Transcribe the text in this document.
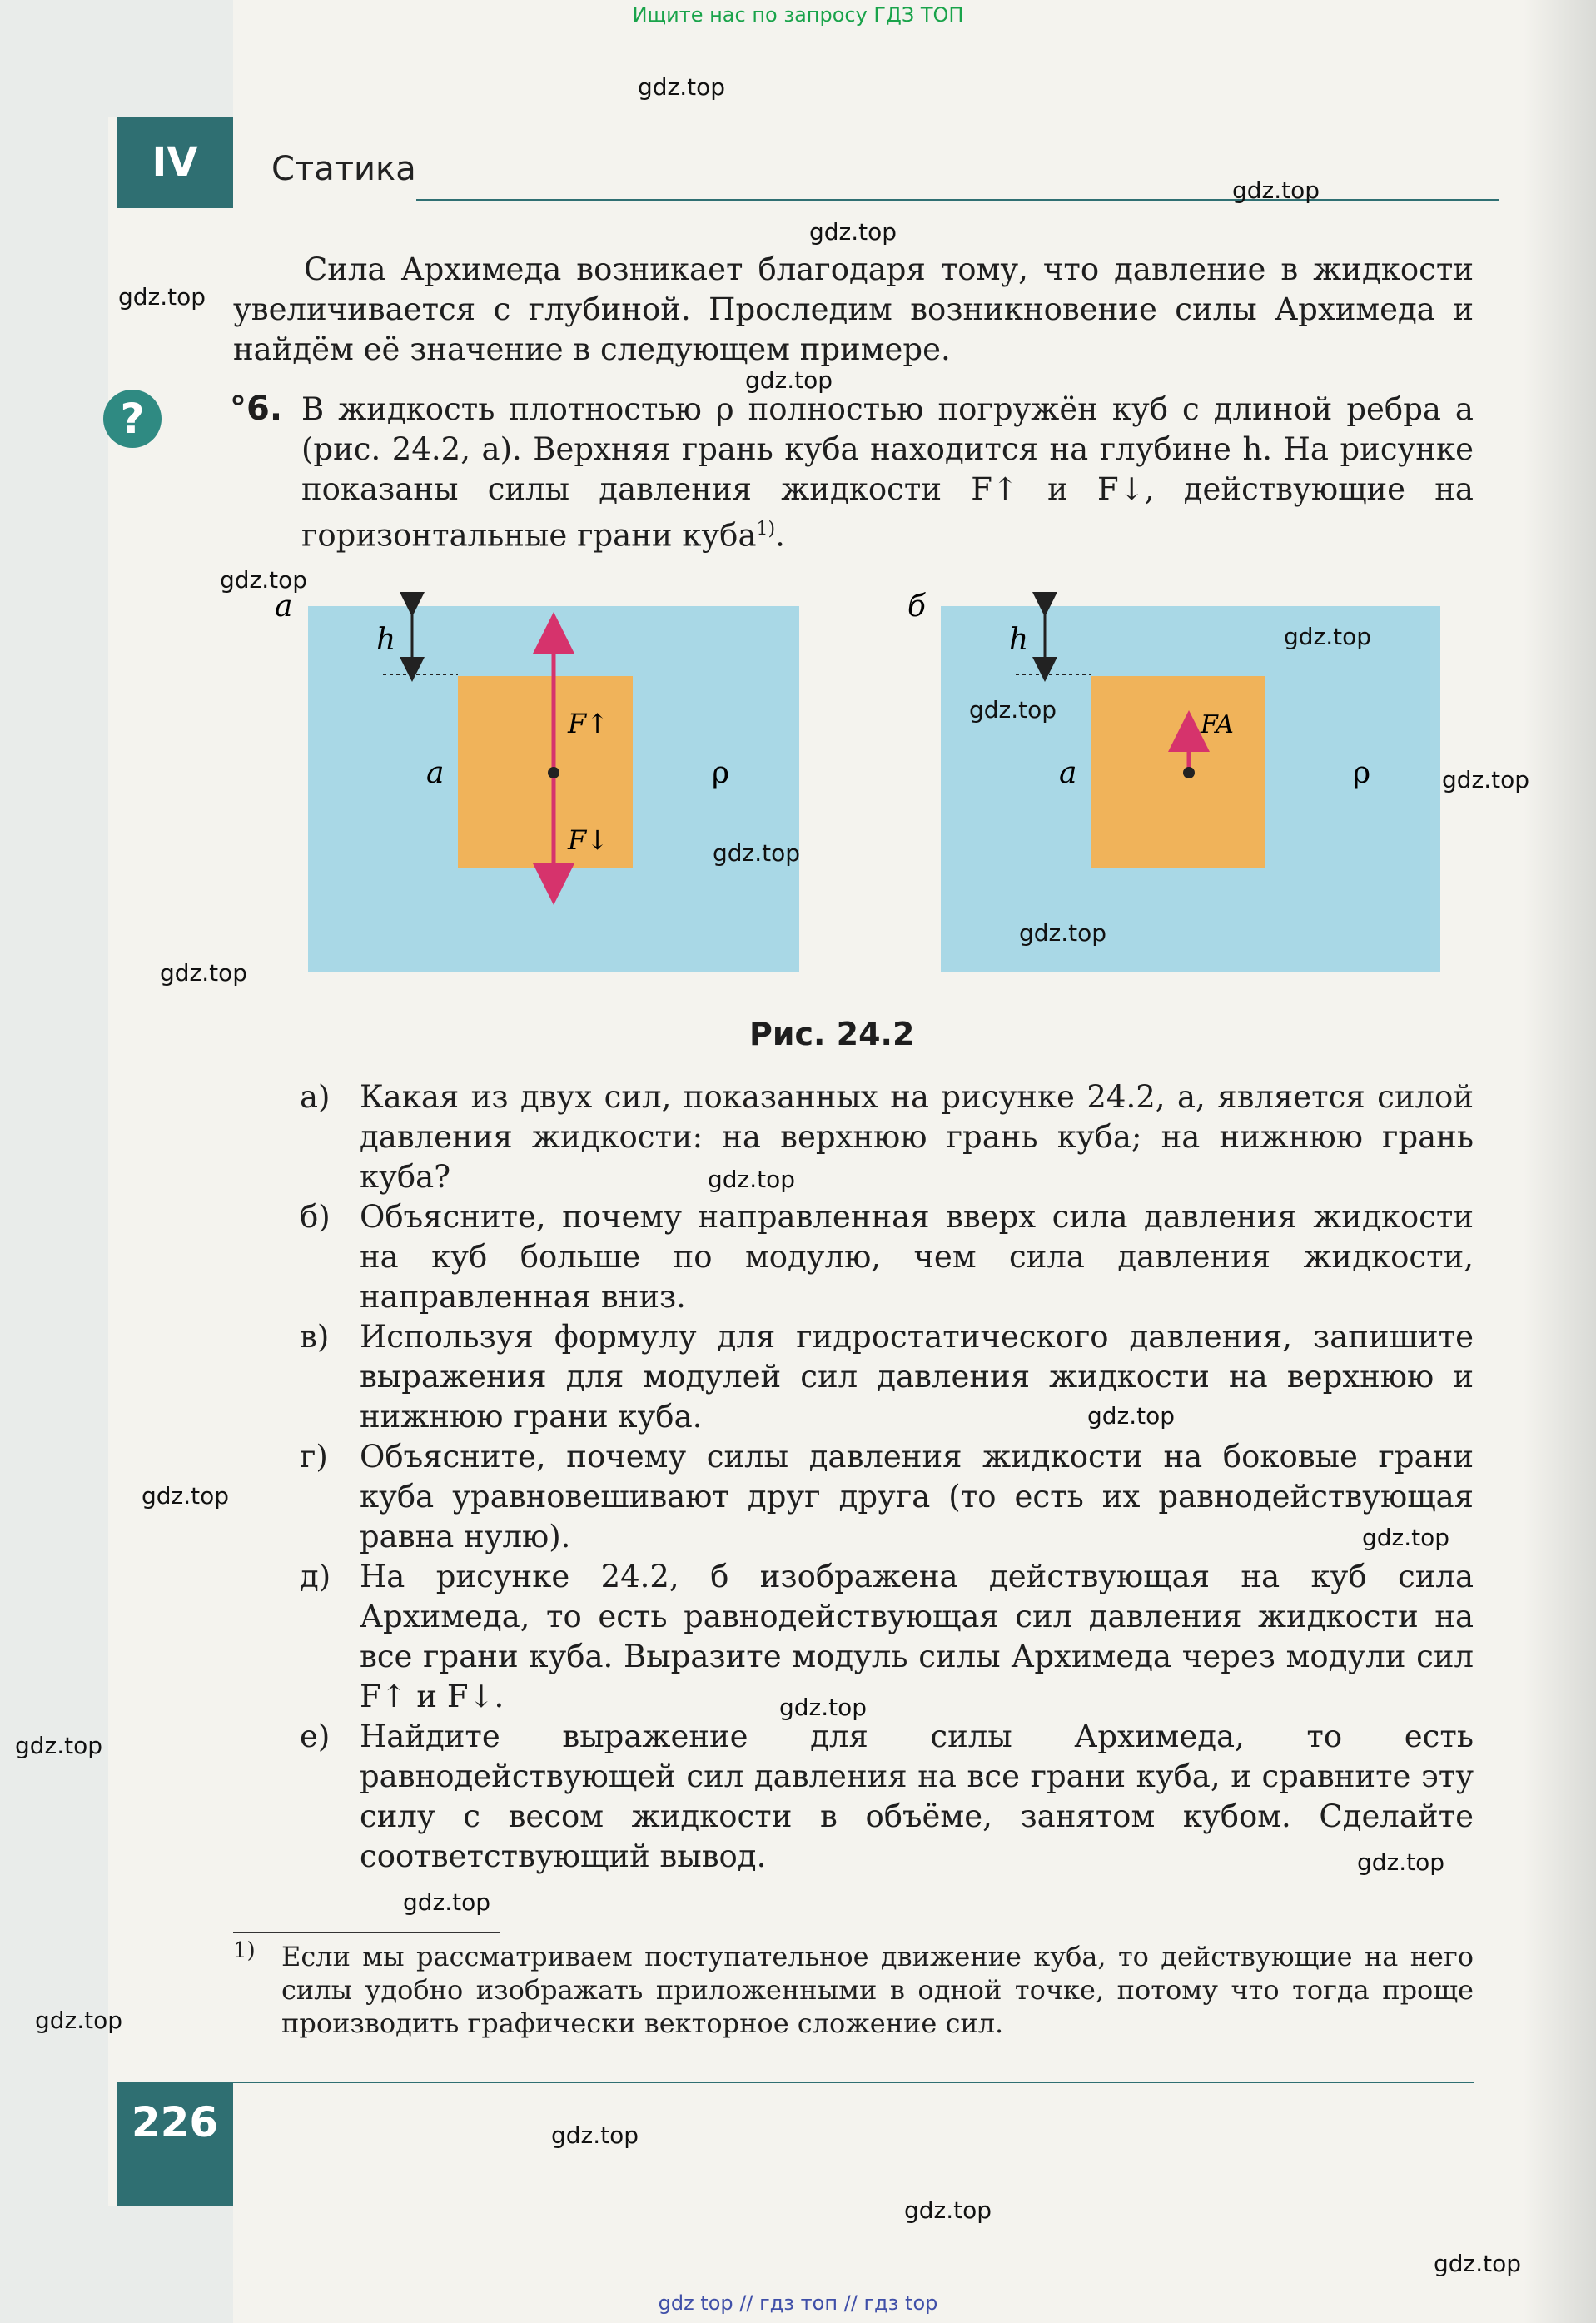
Ищите нас по запросу ГДЗ ТОП
IV	Статика
Сила Архимеда возникает благодаря тому, что давление в жидкости увеличивается с глубиной. Проследим возникновение силы Архимеда и найдём её значение в следующем примере.
?	°6. В жидкость плотностью ρ полностью погружён куб с длиной ребра a (рис. 24.2, a). Верхняя грань куба находится на глубине h. На рисунке показаны силы давления жидкости F↑ и F↓, действующие на горизонтальные грани куба$^{1)}$.
а
h
a	ρ
F↑
F↓
б
h
a	ρ
FA
Рис. 24.2
а) Какая из двух сил, показанных на рисунке 24.2, а, является силой давления жидкости: на верхнюю грань куба; на нижнюю грань куба?
б) Объясните, почему направленная вверх сила давления жидкости на куб больше по модулю, чем сила давления жидкости, направленная вниз.
в) Используя формулу для гидростатического давления, запишите выражения для модулей сил давления жидкости на верхнюю и нижнюю грани куба.
г) Объясните, почему силы давления жидкости на боковые грани куба уравновешивают друг друга (то есть их равнодействующая равна нулю).
д) На рисунке 24.2, б изображена действующая на куб сила Архимеда, то есть равнодействующая сил давления жидкости на все грани куба. Выразите модуль силы Архимеда через модули сил F↑ и F↓.
е) Найдите выражение для силы Архимеда, то есть равнодействующей сил давления на все грани куба, и сравните эту силу с весом жидкости в объёме, занятом кубом. Сделайте соответствующий вывод.
1) Если мы рассматриваем поступательное движение куба, то действующие на него силы удобно изображать приложенными в одной точке, потому что тогда проще производить графически векторное сложение сил.
226
gdz.top
gdz.top
gdz.top
gdz.top
gdz.top
gdz.top
gdz.top
gdz.top
gdz.top
gdz.top
gdz.top
gdz.top
gdz.top
gdz.top
gdz.top
gdz.top
gdz.top
gdz.top
gdz.top
gdz.top
gdz.top
gdz.top
gdz.top
gdz.top
gdz top // гдз топ // гдз top
